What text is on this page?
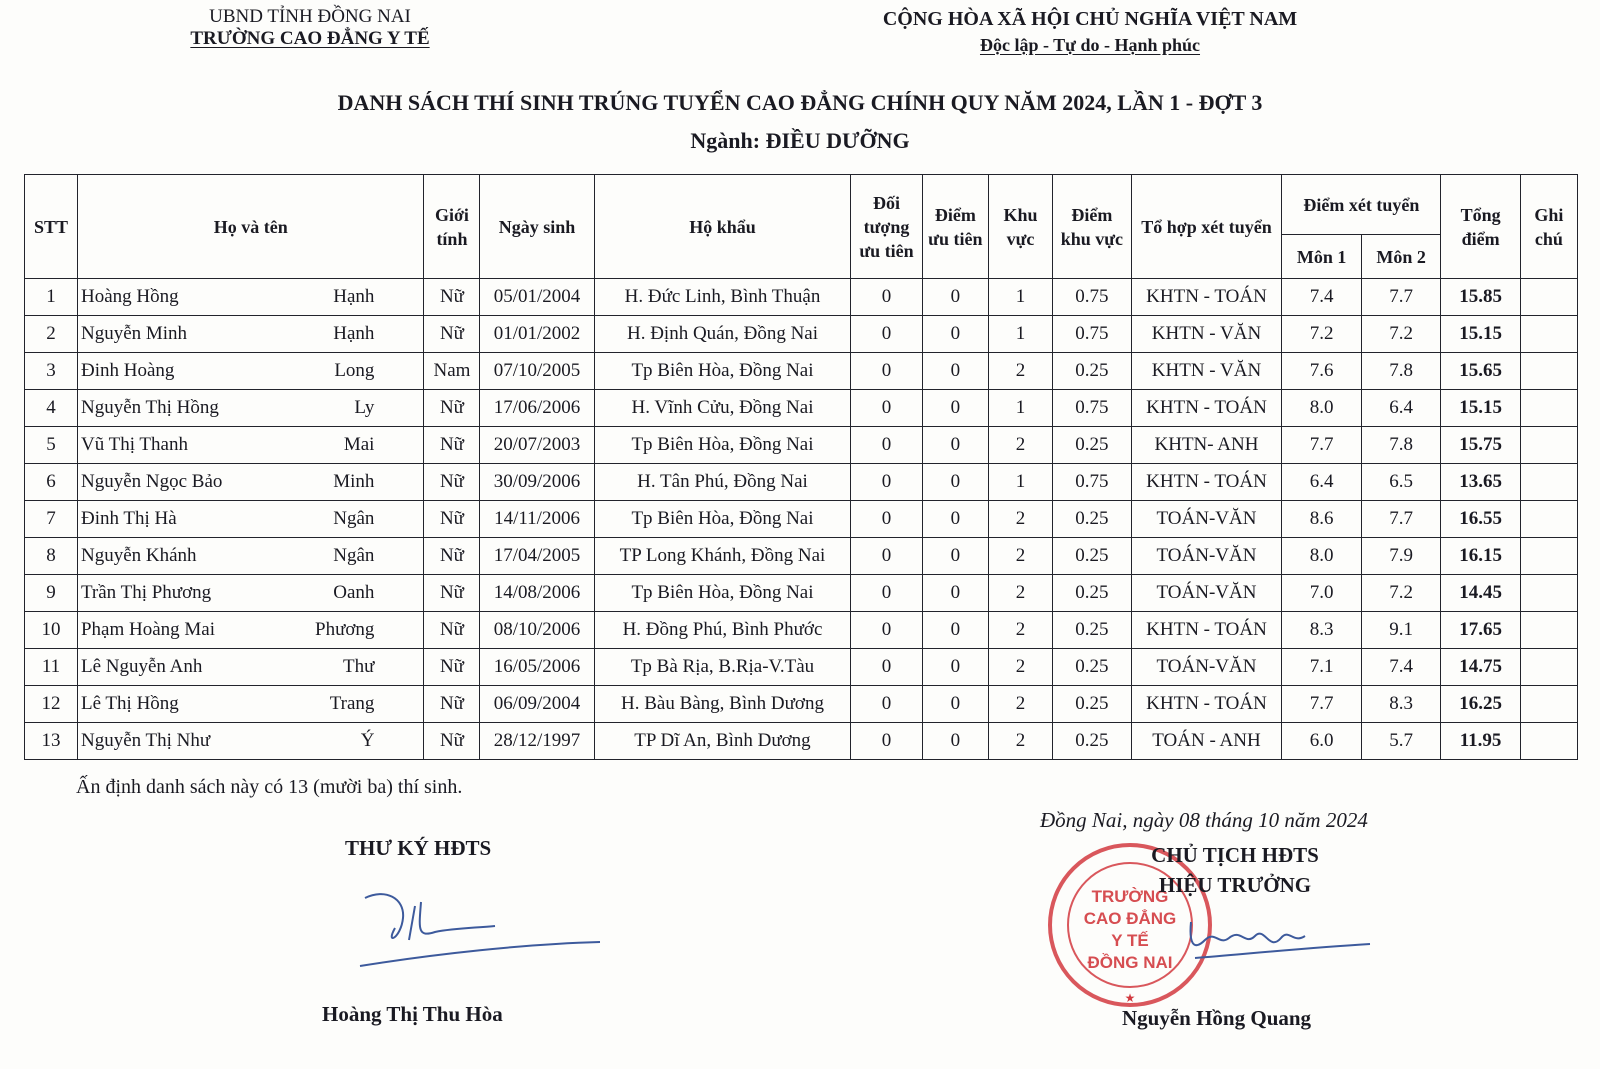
UBND TỈNH ĐỒNG NAI
TRƯỜNG CAO ĐẲNG Y TẾ
CỘNG HÒA XÃ HỘI CHỦ NGHĨA VIỆT NAM
Độc lập - Tự do - Hạnh phúc
DANH SÁCH THÍ SINH TRÚNG TUYỂN CAO ĐẲNG CHÍNH QUY NĂM 2024, LẦN 1 - ĐỢT 3
Ngành: ĐIỀU DƯỠNG
STT	Họ và tên	Giới tính	Ngày sinh	Hộ khẩu	Đối tượng ưu tiên	Điểm ưu tiên	Khu vực	Điểm khu vực	Tổ hợp xét tuyển	Điểm xét tuyển		Tổng điểm	Ghi chú
										Môn 1	Môn 2		
1	Hoàng Hồng Hạnh	Nữ	05/01/2004	H. Đức Linh, Bình Thuận	0	0	1	0.75	KHTN - TOÁN	7.4	7.7	15.85	
2	Nguyễn Minh Hạnh	Nữ	01/01/2002	H. Định Quán, Đồng Nai	0	0	1	0.75	KHTN - VĂN	7.2	7.2	15.15	
3	Đinh Hoàng Long	Nam	07/10/2005	Tp Biên Hòa, Đồng Nai	0	0	2	0.25	KHTN - VĂN	7.6	7.8	15.65	
4	Nguyễn Thị Hồng Ly	Nữ	17/06/2006	H. Vĩnh Cửu, Đồng Nai	0	0	1	0.75	KHTN - TOÁN	8.0	6.4	15.15	
5	Vũ Thị Thanh Mai	Nữ	20/07/2003	Tp Biên Hòa, Đồng Nai	0	0	2	0.25	KHTN- ANH	7.7	7.8	15.75	
6	Nguyễn Ngọc Bảo Minh	Nữ	30/09/2006	H. Tân Phú, Đồng Nai	0	0	1	0.75	KHTN - TOÁN	6.4	6.5	13.65	
7	Đinh Thị Hà Ngân	Nữ	14/11/2006	Tp Biên Hòa, Đồng Nai	0	0	2	0.25	TOÁN-VĂN	8.6	7.7	16.55	
8	Nguyễn Khánh Ngân	Nữ	17/04/2005	TP Long Khánh, Đồng Nai	0	0	2	0.25	TOÁN-VĂN	8.0	7.9	16.15	
9	Trần Thị Phương Oanh	Nữ	14/08/2006	Tp Biên Hòa, Đồng Nai	0	0	2	0.25	TOÁN-VĂN	7.0	7.2	14.45	
10	Phạm Hoàng Mai Phương	Nữ	08/10/2006	H. Đồng Phú, Bình Phước	0	0	2	0.25	KHTN - TOÁN	8.3	9.1	17.65	
11	Lê Nguyễn Anh Thư	Nữ	16/05/2006	Tp Bà Rịa, B.Rịa-V.Tàu	0	0	2	0.25	TOÁN-VĂN	7.1	7.4	14.75	
12	Lê Thị Hồng Trang	Nữ	06/09/2004	H. Bàu Bàng, Bình Dương	0	0	2	0.25	KHTN - TOÁN	7.7	8.3	16.25	
13	Nguyễn Thị Như Ý	Nữ	28/12/1997	TP Dĩ An, Bình Dương	0	0	2	0.25	TOÁN - ANH	6.0	5.7	11.95	
Ấn định danh sách này có 13 (mười ba) thí sinh.
Đồng Nai, ngày 08 tháng 10 năm 2024
THƯ KÝ HĐTS
TRƯỜNG
CAO ĐẲNG
Y TẾ
ĐỒNG NAI
★
CHỦ TỊCH HĐTS
HIỆU TRƯỞNG
Hoàng Thị Thu Hòa	Nguyễn Hồng Quang
